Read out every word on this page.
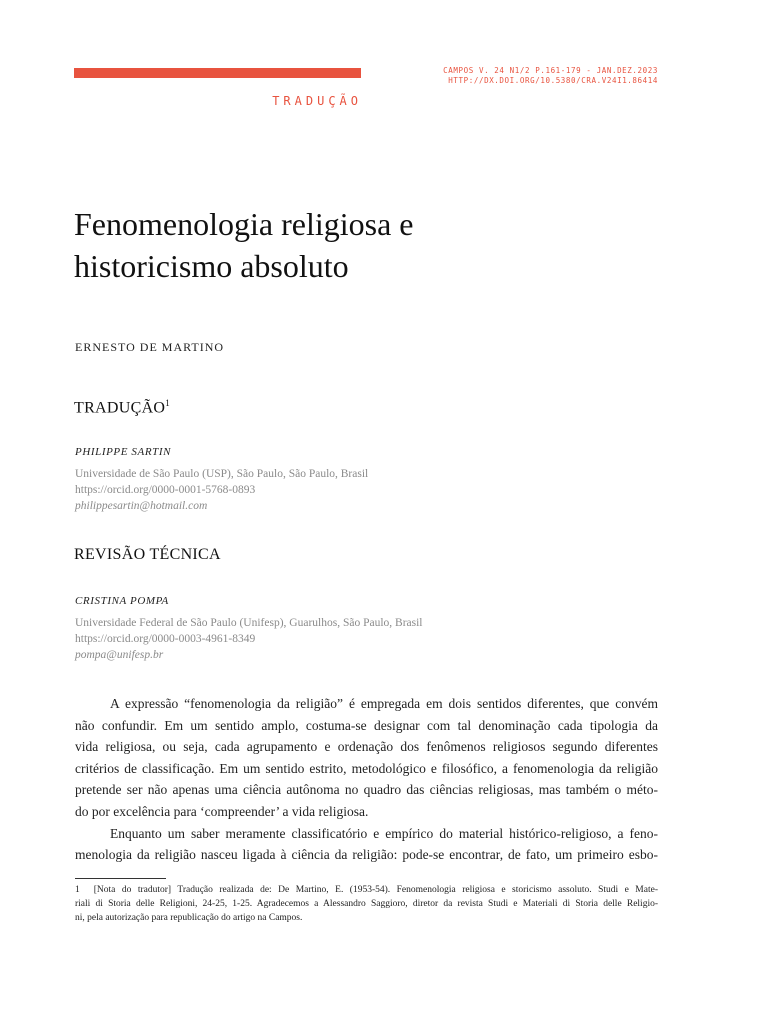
TRADUÇÃO
CAMPOS V. 24 N1/2 P.161-179 - JAN.DEZ.2023
HTTP://DX.DOI.ORG/10.5380/CRA.V24I1.86414
Fenomenologia religiosa e
historicismo absoluto
ERNESTO DE MARTINO
TRADUÇÃO$^1$
PHILIPPE SARTIN
Universidade de São Paulo (USP), São Paulo, São Paulo, Brasil
https://orcid.org/0000-0001-5768-0893
philippesartin@hotmail.com
REVISÃO TÉCNICA
CRISTINA POMPA
Universidade Federal de São Paulo (Unifesp), Guarulhos, São Paulo, Brasil
https://orcid.org/0000-0003-4961-8349
pompa@unifesp.br

A expressão “fenomenologia da religião” é empregada em dois sentidos diferentes, que convém
não confundir. Em um sentido amplo, costuma-se designar com tal denominação cada tipologia da
vida religiosa, ou seja, cada agrupamento e ordenação dos fenômenos religiosos segundo diferentes
critérios de classificação. Em um sentido estrito, metodológico e filosófico, a fenomenologia da religião
pretende ser não apenas uma ciência autônoma no quadro das ciências religiosas, mas também o méto-
do por excelência para ‘compreender’ a vida religiosa.

Enquanto um saber meramente classificatório e empírico do material histórico-religioso, a feno-
menologia da religião nasceu ligada à ciência da religião: pode-se encontrar, de fato, um primeiro esbo-

1 [Nota do tradutor] Tradução realizada de: De Martino, E. (1953-54). Fenomenologia religiosa e storicismo assoluto. Studi e Mate-
riali di Storia delle Religioni, 24-25, 1-25. Agradecemos a Alessandro Saggioro, diretor da revista Studi e Materiali di Storia delle Religio-
ni, pela autorização para republicação do artigo na Campos.
